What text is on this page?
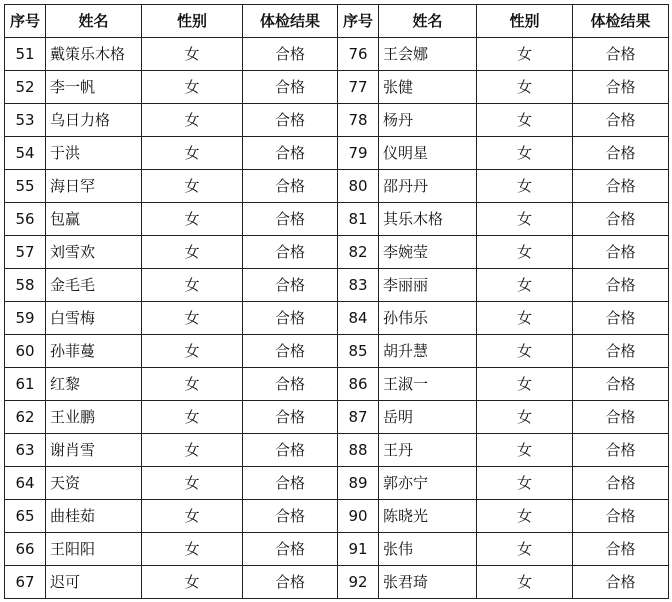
序号	姓名	性别	体检结果	序号	姓名	性别	体检结果
51	戴策乐木格	女	合格	76	王会娜	女	合格
52	李一帆	女	合格	77	张健	女	合格
53	乌日力格	女	合格	78	杨丹	女	合格
54	于洪	女	合格	79	仪明星	女	合格
55	海日罕	女	合格	80	邵丹丹	女	合格
56	包赢	女	合格	81	其乐木格	女	合格
57	刘雪欢	女	合格	82	李婉莹	女	合格
58	金毛毛	女	合格	83	李丽丽	女	合格
59	白雪梅	女	合格	84	孙伟乐	女	合格
60	孙菲蔓	女	合格	85	胡升慧	女	合格
61	红黎	女	合格	86	王淑一	女	合格
62	王业鹏	女	合格	87	岳明	女	合格
63	谢肖雪	女	合格	88	王丹	女	合格
64	天资	女	合格	89	郭亦宁	女	合格
65	曲桂茹	女	合格	90	陈晓光	女	合格
66	王阳阳	女	合格	91	张伟	女	合格
67	迟可	女	合格	92	张君琦	女	合格
